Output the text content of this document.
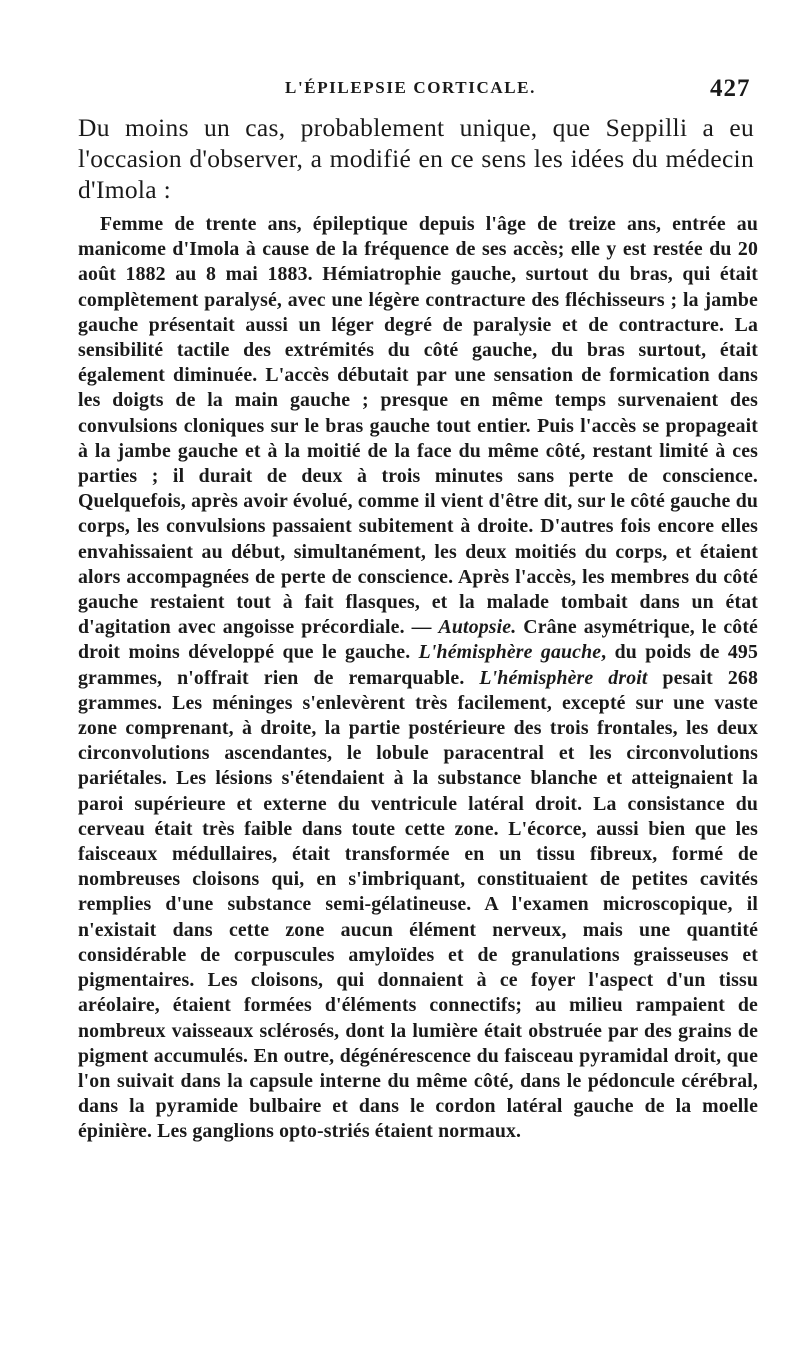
L'ÉPILEPSIE CORTICALE.	427
Du moins un cas, probablement unique, que Seppilli a eu l'occasion d'observer, a modifié en ce sens les idées du médecin d'Imola :

Femme de trente ans, épileptique depuis l'âge de treize ans, entrée au manicome d'Imola à cause de la fréquence de ses accès; elle y est restée du 20 août 1882 au 8 mai 1883. Hémiatrophie gauche, surtout du bras, qui était complètement paralysé, avec une légère contracture des fléchisseurs ; la jambe gauche présentait aussi un léger degré de paralysie et de contracture. La sensibilité tactile des extrémités du côté gauche, du bras surtout, était également diminuée. L'accès débutait par une sensation de formication dans les doigts de la main gauche ; presque en même temps survenaient des convulsions cloniques sur le bras gauche tout entier. Puis l'accès se propageait à la jambe gauche et à la moitié de la face du même côté, restant limité à ces parties ; il durait de deux à trois minutes sans perte de conscience. Quelquefois, après avoir évolué, comme il vient d'être dit, sur le côté gauche du corps, les convulsions passaient subitement à droite. D'autres fois encore elles envahissaient au début, simultanément, les deux moitiés du corps, et étaient alors accompagnées de perte de conscience. Après l'accès, les membres du côté gauche restaient tout à fait flasques, et la malade tombait dans un état d'agitation avec angoisse précordiale. — Autopsie. Crâne asymétrique, le côté droit moins développé que le gauche. L'hémisphère gauche, du poids de 495 grammes, n'offrait rien de remarquable. L'hémisphère droit pesait 268 grammes. Les méninges s'enlevèrent très facilement, excepté sur une vaste zone comprenant, à droite, la partie postérieure des trois frontales, les deux circonvolutions ascendantes, le lobule paracentral et les circonvolutions pariétales. Les lésions s'étendaient à la substance blanche et atteignaient la paroi supérieure et externe du ventricule latéral droit. La consistance du cerveau était très faible dans toute cette zone. L'écorce, aussi bien que les faisceaux médullaires, était transformée en un tissu fibreux, formé de nombreuses cloisons qui, en s'imbriquant, constituaient de petites cavités remplies d'une substance semi-gélatineuse. A l'examen microscopique, il n'existait dans cette zone aucun élément nerveux, mais une quantité considérable de corpuscules amyloïdes et de granulations graisseuses et pigmentaires. Les cloisons, qui donnaient à ce foyer l'aspect d'un tissu aréolaire, étaient formées d'éléments connectifs; au milieu rampaient de nombreux vaisseaux sclérosés, dont la lumière était obstruée par des grains de pigment accumulés. En outre, dégénérescence du faisceau pyramidal droit, que l'on suivait dans la capsule interne du même côté, dans le pédoncule cérébral, dans la pyramide bulbaire et dans le cordon latéral gauche de la moelle épinière. Les ganglions opto-striés étaient normaux.
